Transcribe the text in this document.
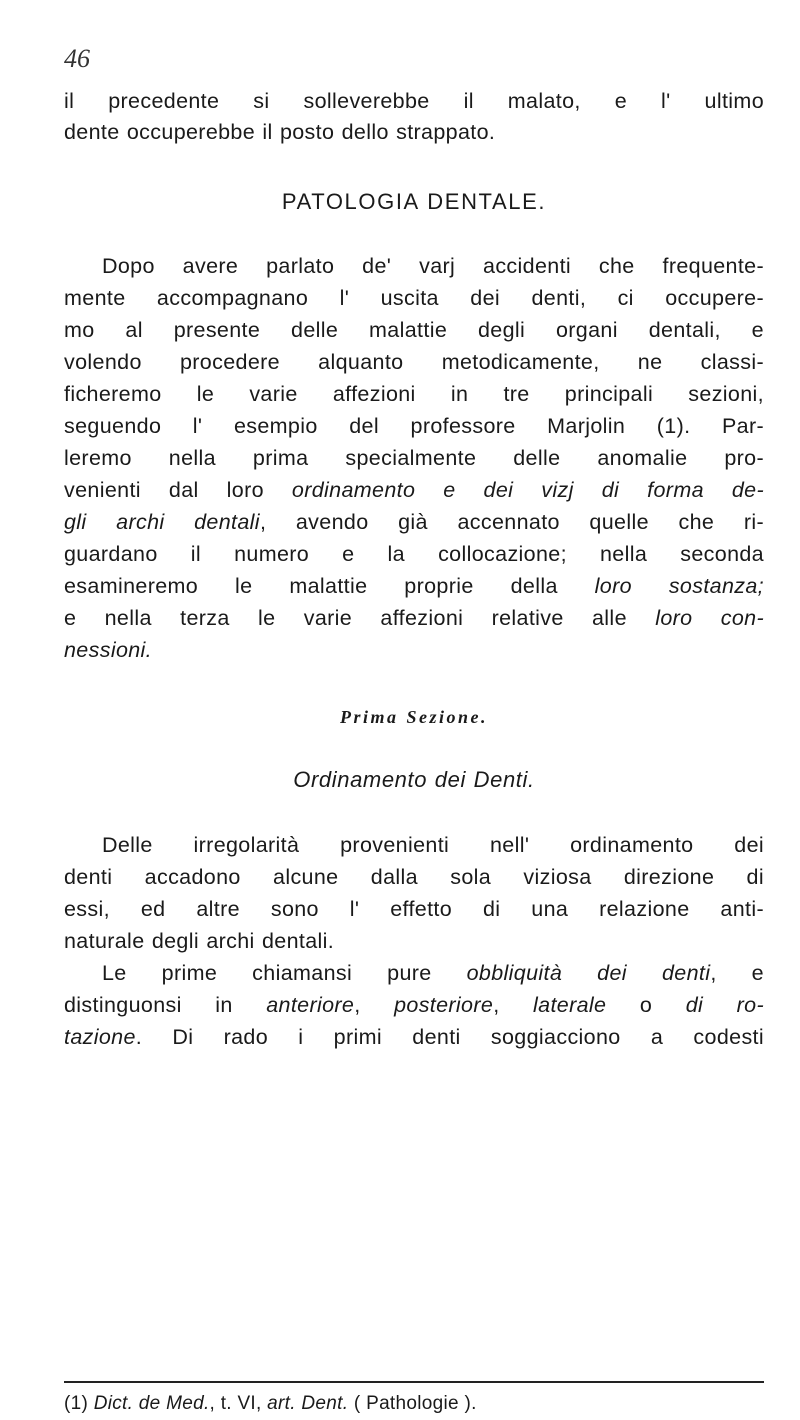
46
il precedente si solleverebbe il malato, e l' ultimo
dente occuperebbe il posto dello strappato.
PATOLOGIA DENTALE.
Dopo avere parlato de' varj accidenti che frequente-
mente accompagnano l' uscita dei denti, ci occupere-
mo al presente delle malattie degli organi dentali, e
volendo procedere alquanto metodicamente, ne classi-
ficheremo le varie affezioni in tre principali sezioni,
seguendo l' esempio del professore Marjolin (1). Par-
leremo nella prima specialmente delle anomalie pro-
venienti dal loro ordinamento e dei vizj di forma de-
gli archi dentali, avendo già accennato quelle che ri-
guardano il numero e la collocazione; nella seconda
esamineremo le malattie proprie della loro sostanza;
e nella terza le varie affezioni relative alle loro con-
nessioni.
Prima Sezione.
Ordinamento dei Denti.
Delle irregolarità provenienti nell' ordinamento dei
denti accadono alcune dalla sola viziosa direzione di
essi, ed altre sono l' effetto di una relazione anti-
naturale degli archi dentali.
Le prime chiamansi pure obbliquità dei denti, e
distinguonsi in anteriore, posteriore, laterale o di ro-
tazione. Di rado i primi denti soggiacciono a codesti
(1) Dict. de Med., t. VI, art. Dent. ( Pathologie ).
